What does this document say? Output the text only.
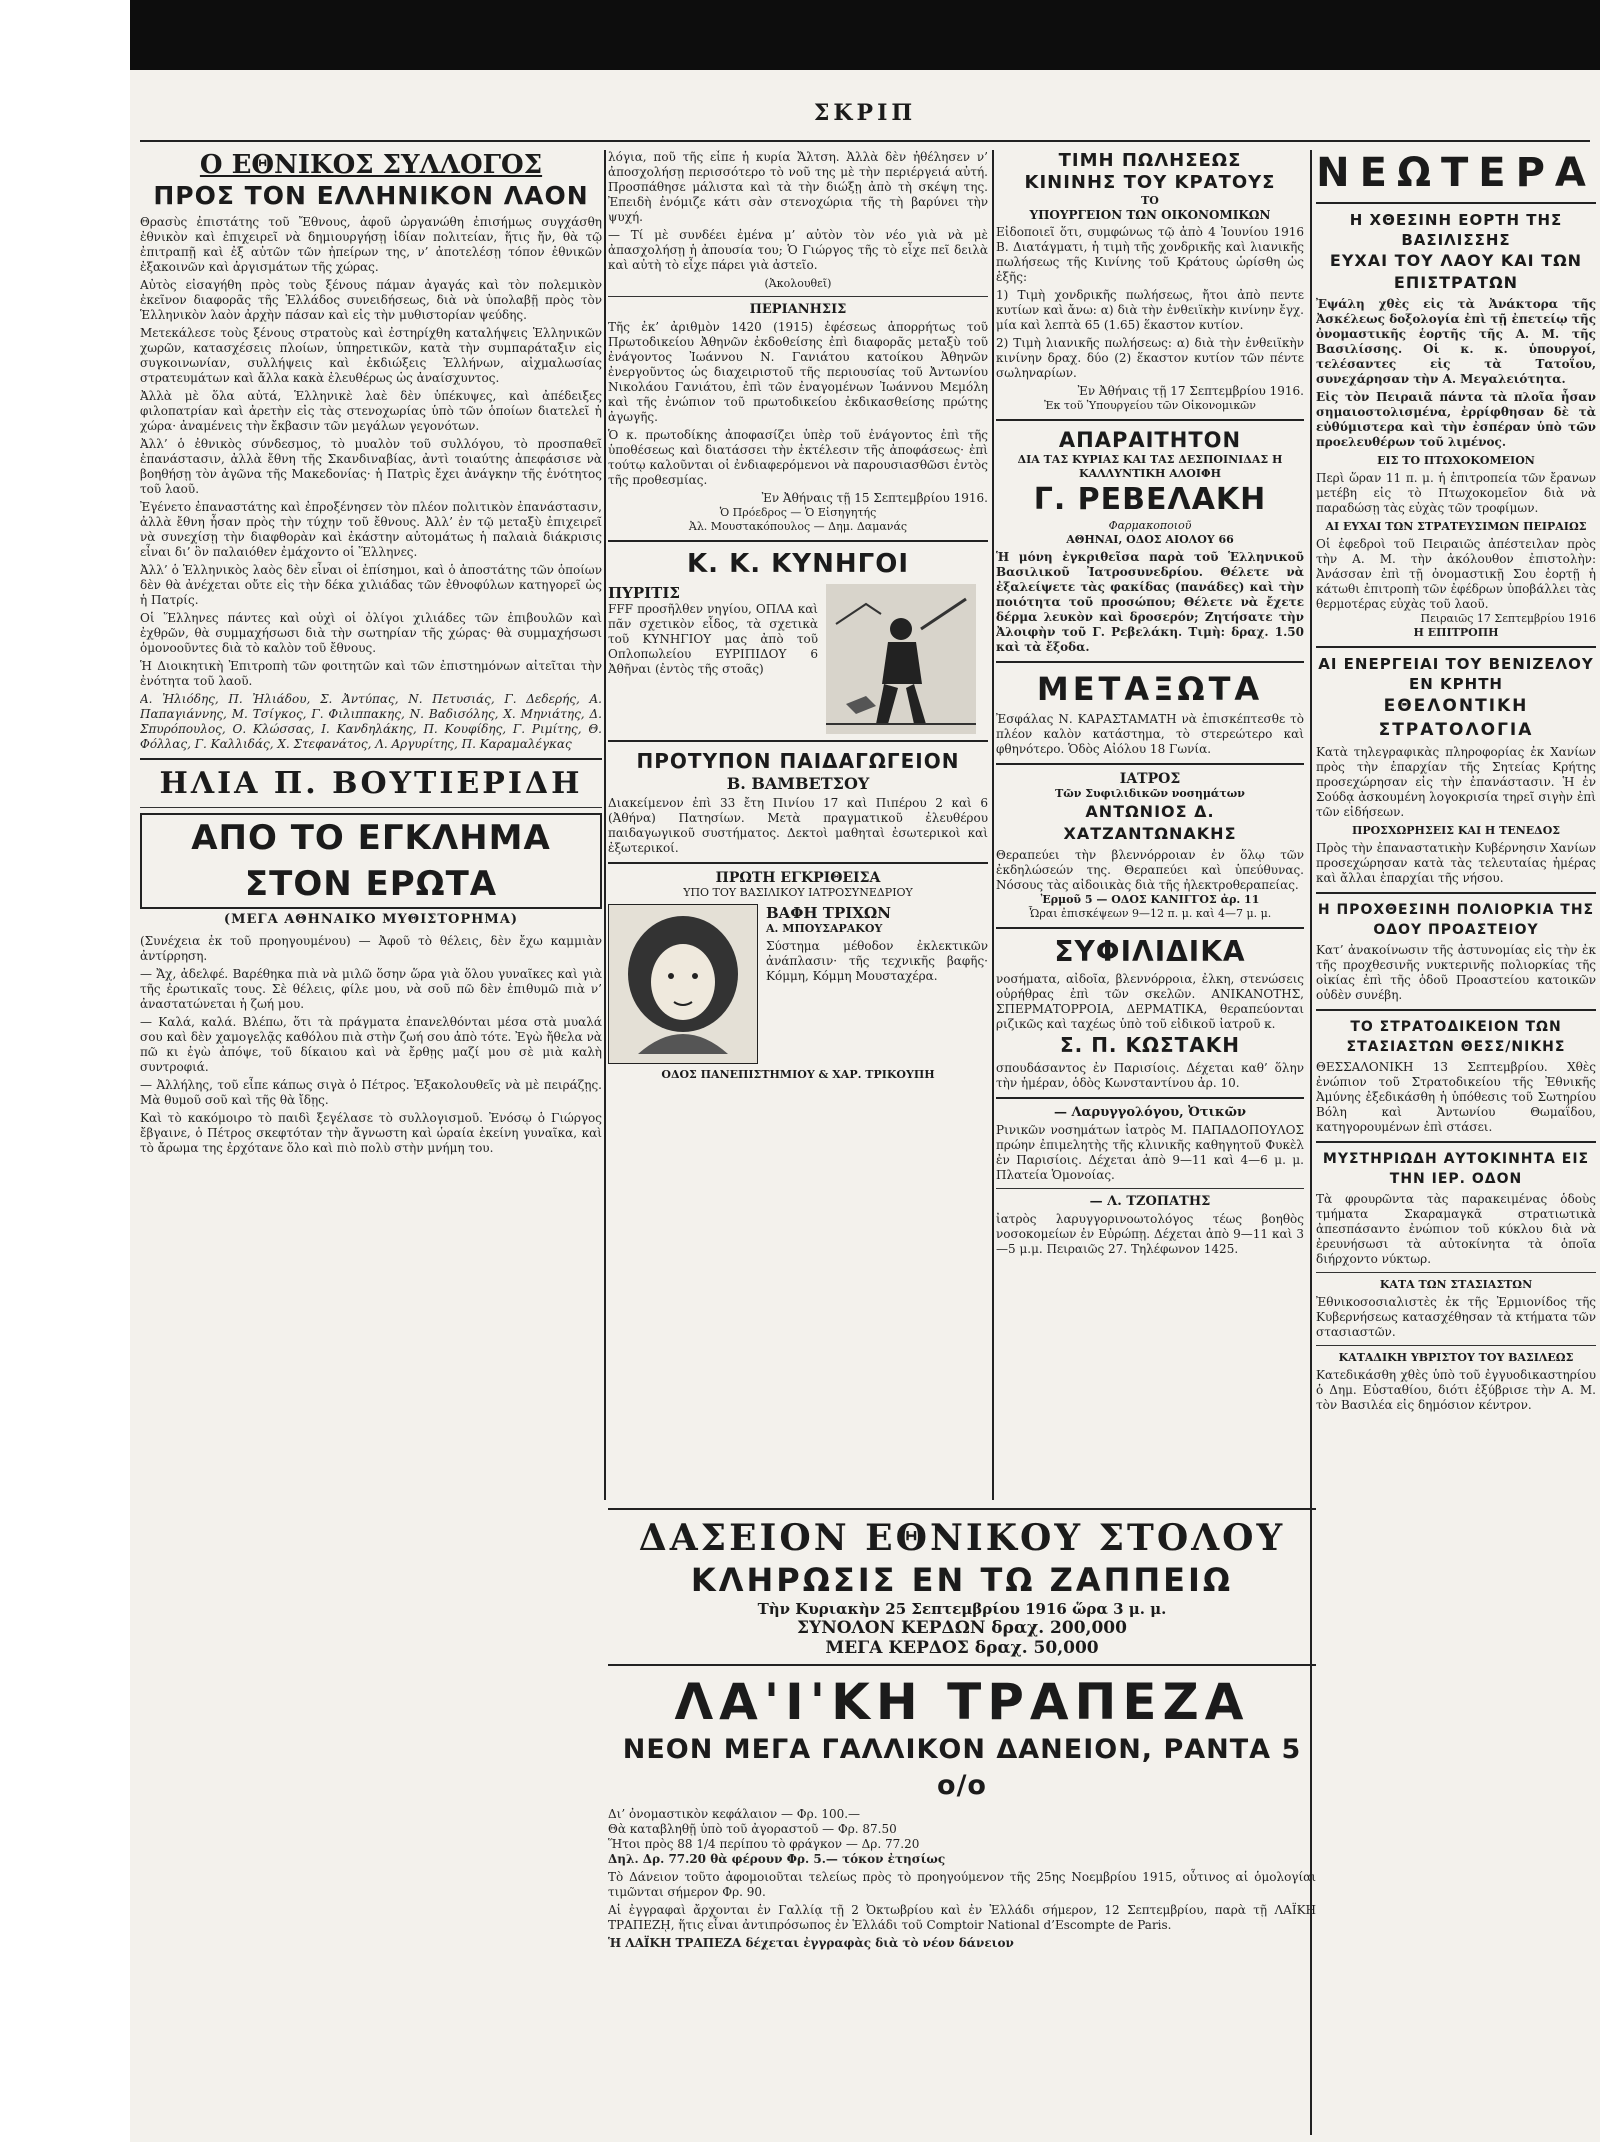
ΣΚΡΙΠ
Ο ΕΘΝΙΚΟΣ ΣΥΛΛΟΓΟΣ
ΠΡΟΣ ΤΟΝ ΕΛΛΗΝΙΚΟΝ ΛΑΟΝ
Θρασὺς ἐπιστάτης τοῦ Ἔθνους, ἀφοῦ ὠργανώθη ἐπισήμως συγχάσθη ἐθνικὸν καὶ ἐπιχειρεῖ νὰ δημιουργήσῃ ἰδίαν πολιτείαν, ἥτις ἤν, θὰ τῷ ἐπιτραπῇ καὶ ἐξ αὐτῶν τῶν ἠπείρων της, ν’ ἀποτελέσῃ τόπον ἐθνικῶν ἐξακοινῶν καὶ ἀργισμάτων τῆς χώρας.
Αὐτὸς εἰσαγήθη πρὸς τοὺς ξένους πάμαν ἀγαγάς καὶ τὸν πολεμικὸν ἐκεῖνον διαφορᾶς τῆς Ἑλλάδος συνειδήσεως, διὰ νὰ ὑπολαβῇ πρὸς τὸν Ἑλληνικὸν λαὸν ἀρχὴν πάσαν καὶ εἰς τὴν μυθιστορίαν ψεύδης.
Μετεκάλεσε τοὺς ξένους στρατοὺς καὶ ἐστηρίχθη καταλήψεις Ἑλληνικῶν χωρῶν, κατασχέσεις πλοίων, ὑπηρετικῶν, κατὰ τὴν συμπαράταξιν εἰς συγκοινωνίαν, συλλήψεις καὶ ἐκδιώξεις Ἑλλήνων, αἰχμαλωσίας στρατευμάτων καὶ ἄλλα κακὰ ἐλευθέρως ὡς ἀναίσχυντος.
Ἀλλὰ μὲ ὅλα αὐτά, Ἑλληνικὲ λαὲ δὲν ὑπέκυψες, καὶ ἀπέδειξες φιλοπατρίαν καὶ ἀρετὴν εἰς τὰς στενοχωρίας ὑπὸ τῶν ὁποίων διατελεῖ ἡ χώρα· ἀναμένεις τὴν ἔκβασιν τῶν μεγάλων γεγονότων.
Ἀλλ’ ὁ ἐθνικὸς σύνδεσμος, τὸ μυαλὸν τοῦ συλλόγου, τὸ προσπαθεῖ ἐπανάστασιν, ἀλλὰ ἔθνη τῆς Σκανδιναβίας, ἀντὶ τοιαύτης ἀπεφάσισε νὰ βοηθήσῃ τὸν ἀγῶνα τῆς Μακεδονίας· ἡ Πατρὶς ἔχει ἀνάγκην τῆς ἑνότητος τοῦ λαοῦ.
Ἐγένετο ἐπαναστάτης καὶ ἐπροξένησεν τὸν πλέον πολιτικὸν ἐπανάστασιν, ἀλλὰ ἔθνη ἦσαν πρὸς τὴν τύχην τοῦ ἔθνους. Ἀλλ’ ἐν τῷ μεταξὺ ἐπιχειρεῖ νὰ συνεχίσῃ τὴν διαφθορὰν καὶ ἐκάστην αὐτομάτως ἡ παλαιὰ διάκρισις εἶναι δι’ ὃν παλαιόθεν ἐμάχοντο οἱ Ἕλληνες.
Ἀλλ’ ὁ Ἑλληνικὸς λαὸς δὲν εἶναι οἱ ἐπίσημοι, καὶ ὁ ἀποστάτης τῶν ὁποίων δὲν θὰ ἀνέχεται οὔτε εἰς τὴν δέκα χιλιάδας τῶν ἐθνοφύλων κατηγορεῖ ὡς ἡ Πατρίς.
Οἱ Ἕλληνες πάντες καὶ οὐχὶ οἱ ὀλίγοι χιλιάδες τῶν ἐπιβουλῶν καὶ ἐχθρῶν, θὰ συμμαχήσωσι διὰ τὴν σωτηρίαν τῆς χώρας· θὰ συμμαχήσωσι ὁμονοοῦντες διὰ τὸ καλὸν τοῦ ἔθνους.
Ἡ Διοικητικὴ Ἐπιτροπὴ τῶν φοιτητῶν καὶ τῶν ἐπιστημόνων αἰτεῖται τὴν ἐνότητα τοῦ λαοῦ.
Α. Ἠλιόδης, Π. Ἠλιάδου, Σ. Ἀντύπας, Ν. Πετυσιάς, Γ. Δεδερής, Α. Παπαγιάννης, Μ. Τσίγκος, Γ. Φιλιππακης, Ν. Βαδισόλης, Χ. Μηνιάτης, Δ. Σπυρόπουλος, Ο. Κλώσσας, Ι. Κανδηλάκης, Π. Κουφίδης, Γ. Ριμίτης, Θ. Φόλλας, Γ. Καλλιδάς, Χ. Στεφανάτος, Λ. Αργυρίτης, Π. Καραμαλέγκας
ΗΛΙΑ Π. ΒΟΥΤΙΕΡΙΔΗ
ΑΠΟ ΤΟ ΕΓΚΛΗΜΑ ΣΤΟΝ ΕΡΩΤΑ
(ΜΕΓΑ ΑΘΗΝΑΙΚΟ ΜΥΘΙΣΤΟΡΗΜΑ)
(Συνέχεια ἐκ τοῦ προηγουμένου) — Ἀφοῦ τὸ θέλεις, δὲν ἔχω καμμιὰν ἀντίρρηση.
— Ἄχ, ἀδελφέ. Βαρέθηκα πιὰ νὰ μιλῶ ὅσην ὥρα γιὰ ὅλου γυναῖκες καὶ γιὰ τῆς ἐρωτικαῖς τους. Σὲ θέλεις, φίλε μου, νὰ σοῦ πῶ δὲν ἐπιθυμῶ πιὰ ν’ ἀναστατώνεται ἡ ζωή μου.
— Καλά, καλά. Βλέπω, ὅτι τὰ πράγματα ἐπανελθόνται μέσα στὰ μυαλά σου καὶ δὲν χαμογελᾷς καθόλου πιὰ στὴν ζωή σου ἀπὸ τότε. Ἐγὼ ἤθελα νὰ πῶ κι ἐγὼ ἀπόψε, τοῦ δίκαιου καὶ νὰ ἔρθῃς μαζί μου σὲ μιὰ καλὴ συντροφιά.
— Ἀλλήλης, τοῦ εἶπε κάπως σιγὰ ὁ Πέτρος. Ἐξακολουθεῖς νὰ μὲ πειράζῃς. Μὰ θυμοῦ σοῦ καὶ τῆς θὰ ἴδῃς.
Καὶ τὸ κακόμοιρο τὸ παιδὶ ξεγέλασε τὸ συλλογισμοῦ. Ἐνόσῳ ὁ Γιώργος ἔβγαινε, ὁ Πέτρος σκεφτόταν τὴν ἄγνωστη καὶ ὡραία ἐκείνη γυναῖκα, καὶ τὸ ἄρωμα της ἐρχότανε ὅλο καὶ πιὸ πολὺ στὴν μνήμη του.
λόγια, ποῦ τῆς εἶπε ἡ κυρία Ἄλτση. Ἀλλὰ δὲν ἠθέλησεν ν’ ἀποσχολήσῃ περισσότερο τὸ νοῦ της μὲ τὴν περιέργειά αὐτή. Προσπάθησε μάλιστα καὶ τὰ τὴν διώξῃ ἀπὸ τὴ σκέψη της. Ἐπειδὴ ἐνόμιζε κάτι σὰν στενοχώρια τῆς τὴ βαρύνει τὴν ψυχή.
— Τί μὲ συνδέει ἐμένα μ’ αὐτὸν τὸν νέο γιὰ νὰ μὲ ἀπασχολήσῃ ἡ ἀπουσία του; Ὁ Γιώργος τῆς τὸ εἶχε πεῖ δειλὰ καὶ αὐτὴ τὸ εἶχε πάρει γιὰ ἀστεῖο.
(Ἀκολουθεῖ)
ΠΕΡΙΑΝΗΣΙΣ
Τῆς ἐκ’ ἀριθμὸν 1420 (1915) ἐφέσεως ἀπορρήτως τοῦ Πρωτοδικείου Ἀθηνῶν ἐκδοθείσης ἐπὶ διαφορᾶς μεταξὺ τοῦ ἐνάγοντος Ἰωάννου Ν. Γανιάτου κατοίκου Ἀθηνῶν ἐνεργοῦντος ὡς διαχειριστοῦ τῆς περιουσίας τοῦ Ἀντωνίου Νικολάου Γανιάτου, ἐπὶ τῶν ἐναγομένων Ἰωάννου Μεμόλη καὶ τῆς ἐνώπιον τοῦ πρωτοδικείου ἐκδικασθείσης πρώτης ἀγωγῆς.
Ὁ κ. πρωτοδίκης ἀποφασίζει ὑπὲρ τοῦ ἐνάγοντος ἐπὶ τῆς ὑποθέσεως καὶ διατάσσει τὴν ἐκτέλεσιν τῆς ἀποφάσεως· ἐπὶ τούτῳ καλοῦνται οἱ ἐνδιαφερόμενοι νὰ παρουσιασθῶσι ἐντὸς τῆς προθεσμίας.
Ἐν Ἀθήναις τῇ 15 Σεπτεμβρίου 1916.
Ὁ Πρόεδρος — Ὁ Εἰσηγητής
Ἀλ. Μουστακόπουλος — Δημ. Δαμανάς
Κ. Κ. ΚΥΝΗΓΟΙ
ΠΥΡΙΤΙΣ
FFF προσῆλθεν νηγίου, ΟΠΛΑ καὶ πᾶν σχετικὸν εἶδος, τὰ σχετικὰ τοῦ ΚΥΝΗΓΙΟΥ μας ἀπὸ τοῦ Οπλοπωλείου ΕΥΡΙΠΙΔΟΥ 6 Ἀθῆναι (ἐντὸς τῆς στοᾶς)
ΠΡΟΤΥΠΟΝ ΠΑΙΔΑΓΩΓΕΙΟΝ
Β. ΒΑΜΒΕΤΣΟΥ
Διακείμενον ἐπὶ 33 ἔτη Πινίου 17 καὶ Πιπέρου 2 καὶ 6 (Ἀθήνα) Πατησίων. Μετὰ πραγματικοῦ ἐλευθέρου παιδαγωγικοῦ συστήματος. Δεκτοὶ μαθηταὶ ἐσωτερικοὶ καὶ ἐξωτερικοί.
ΠΡΩΤΗ ΕΓΚΡΙΘΕΙΣΑ
ΥΠΟ ΤΟΥ ΒΑΣΙΛΙΚΟΥ ΙΑΤΡΟΣΥΝΕΔΡΙΟΥ
ΒΑΦΗ ΤΡΙΧΩΝ
Α. ΜΠΟΥΣΑΡΑΚΟΥ
Σύστημα μέθοδον ἐκλεκτικῶν ἀνάπλασιν· τῆς τεχνικῆς βαφῆς· Κόμμη, Κόμμη Μουσταχέρα.
ΟΔΟΣ ΠΑΝΕΠΙΣΤΗΜΙΟΥ & ΧΑΡ. ΤΡΙΚΟΥΠΗ
ΤΙΜΗ ΠΩΛΗΣΕΩΣ
ΚΙΝΙΝΗΣ ΤΟΥ ΚΡΑΤΟΥΣ
ΤΟ
ΥΠΟΥΡΓΕΙΟΝ ΤΩΝ ΟΙΚΟΝΟΜΙΚΩΝ
Εἰδοποιεῖ ὅτι, συμφώνως τῷ ἀπὸ 4 Ἰουνίου 1916 Β. Διατάγματι, ἡ τιμὴ τῆς χονδρικῆς καὶ λιανικῆς πωλήσεως τῆς Κινίνης τοῦ Κράτους ὡρίσθη ὡς ἑξῆς:
1) Τιμὴ χονδρικῆς πωλήσεως, ἤτοι ἀπὸ πεντε κυτίων καὶ ἄνω: α) διὰ τὴν ἐνθειϊκὴν κινίνην ἔγχ. μία καὶ λεπτὰ 65 (1.65) ἕκαστον κυτίον.
2) Τιμὴ λιανικῆς πωλήσεως: α) διὰ τὴν ἐνθειϊκὴν κινίνην δραχ. δύο (2) ἕκαστον κυτίον τῶν πέντε σωληναρίων.
Ἐν Ἀθήναις τῇ 17 Σεπτεμβρίου 1916.
Ἐκ τοῦ Ὑπουργείου τῶν Οἰκονομικῶν
ΑΠΑΡΑΙΤΗΤΟΝ
ΔΙΑ ΤΑΣ ΚΥΡΙΑΣ ΚΑΙ ΤΑΣ ΔΕΣΠΟΙΝΙΔΑΣ Η ΚΑΛΛΥΝΤΙΚΗ ΑΛΟΙΦΗ
Γ. ΡΕΒΕΛΑΚΗ
Φαρμακοποιοῦ
ΑΘΗΝΑΙ, ΟΔΟΣ ΑΙΟΛΟΥ 66
Ἡ μόνη ἐγκριθεῖσα παρὰ τοῦ Ἑλληνικοῦ Βασιλικοῦ Ἰατροσυνεδρίου. Θέλετε νὰ ἐξαλείψετε τὰς φακίδας (πανάδες) καὶ τὴν ποιότητα τοῦ προσώπου; Θέλετε νὰ ἔχετε δέρμα λευκὸν καὶ δροσερόν; Ζητήσατε τὴν Ἀλοιφὴν τοῦ Γ. Ρεβελάκη. Τιμὴ: δραχ. 1.50 καὶ τὰ ἔξοδα.
ΜΕΤΑΞΩΤΑ
Ἐσφάλας Ν. ΚΑΡΑΣΤΑΜΑΤΗ νὰ ἐπισκέπτεσθε τὸ πλέον καλὸν κατάστημα, τὸ στερεώτερο καὶ φθηνότερο. Ὁδὸς Αἰόλου 18 Γωνία.
ΙΑΤΡΟΣ
Τῶν Συφιλιδικῶν νοσημάτων
ΑΝΤΩΝΙΟΣ Δ. ΧΑΤΖΑΝΤΩΝΑΚΗΣ
Θεραπεύει τὴν βλεννόρροιαν ἐν ὅλῳ τῶν ἐκδηλώσεών της. Θεραπεύει καὶ ὑπεύθυνας. Νόσους τὰς αἰδοιικὰς διὰ τῆς ἠλεκτροθεραπείας.
Ἐρμοῦ 5 — ΟΔΟΣ ΚΑΝΙΓΓΟΣ ἀρ. 11
Ὧραι ἐπισκέψεων 9—12 π. μ. καὶ 4—7 μ. μ.
ΣΥΦΙΛΙΔΙΚΑ
νοσήματα, αἰδοῖα, βλεννόρροια, ἐλκη, στενώσεις οὐρήθρας ἐπὶ τῶν σκελῶν. ΑΝΙΚΑΝΟΤΗΣ, ΣΠΕΡΜΑΤΟΡΡΟΙΑ, ΔΕΡΜΑΤΙΚΑ, θεραπεύονται ριζικῶς καὶ ταχέως ὑπὸ τοῦ εἰδικοῦ ἰατροῦ κ.
Σ. Π. ΚΩΣΤΑΚΗ
σπουδάσαντος ἐν Παρισίοις. Δέχεται καθ’ ὅλην τὴν ἡμέραν, ὁδὸς Κωνσταντίνου ἀρ. 10.
— Λαρυγγολόγου, Ὀτικῶν
Ρινικῶν νοσημάτων ἰατρὸς Μ. ΠΑΠΑΔΟΠΟΥΛΟΣ πρώην ἐπιμελητὴς τῆς κλινικῆς καθηγητοῦ Φυκὲλ ἐν Παρισίοις. Δέχεται ἀπὸ 9—11 καὶ 4—6 μ. μ. Πλατεία Ὁμονοίας.
— Λ. ΤΖΟΠΑΤΗΣ
ἰατρὸς λαρυγγορινοωτολόγος τέως βοηθὸς νοσοκομείων ἐν Εὐρώπῃ. Δέχεται ἀπὸ 9—11 καὶ 3—5 μ.μ. Πειραιῶς 27. Τηλέφωνον 1425.
ΝΕΩΤΕΡΑ
Η ΧΘΕΣΙΝΗ ΕΟΡΤΗ ΤΗΣ ΒΑΣΙΛΙΣΣΗΣ
ΕΥΧΑΙ ΤΟΥ ΛΑΟΥ ΚΑΙ ΤΩΝ ΕΠΙΣΤΡΑΤΩΝ
Ἐψάλη χθὲς εἰς τὰ Ἀνάκτορα τῆς Ἀσκέλεως δοξολογία ἐπὶ τῇ ἐπετείῳ τῆς ὀνομαστικῆς ἑορτῆς τῆς Α. Μ. τῆς Βασιλίσσης. Οἱ κ. κ. ὑπουργοί, τελέσαντες εἰς τὰ Τατοΐου, συνεχάρησαν τὴν Α. Μεγαλειότητα.
Εἰς τὸν Πειραιᾶ πάντα τὰ πλοῖα ἦσαν σημαιοστολισμένα, ἐρρίφθησαν δὲ τὰ εὐθύμιστερα καὶ τὴν ἐσπέραν ὑπὸ τῶν προελευθέρων τοῦ λιμένος.
ΕΙΣ ΤΟ ΠΤΩΧΟΚΟΜΕΙΟΝ
Περὶ ὥραν 11 π. μ. ἡ ἐπιτροπεία τῶν ἔρανων μετέβη εἰς τὸ Πτωχοκομεῖον διὰ νὰ παραδώσῃ τὰς εὐχὰς τῶν τροφίμων.
ΑΙ ΕΥΧΑΙ ΤΩΝ ΣΤΡΑΤΕΥΣΙΜΩΝ ΠΕΙΡΑΙΩΣ
Οἱ ἐφεδροὶ τοῦ Πειραιῶς ἀπέστειλαν πρὸς τὴν Α. Μ. τὴν ἀκόλουθον ἐπιστολὴν: Ἀνάσσαν ἐπὶ τῇ ὀνομαστικῇ Σου ἑορτῇ ἡ κάτωθι ἐπιτροπὴ τῶν ἐφέδρων ὑποβάλλει τὰς θερμοτέρας εὐχὰς τοῦ λαοῦ.
Πειραιῶς 17 Σεπτεμβρίου 1916
Η ΕΠΙΤΡΟΠΗ
ΑΙ ΕΝΕΡΓΕΙΑΙ ΤΟΥ ΒΕΝΙΖΕΛΟΥ ΕΝ ΚΡΗΤΗ
ΕΘΕΛΟΝΤΙΚΗ ΣΤΡΑΤΟΛΟΓΙΑ
Κατὰ τηλεγραφικὰς πληροφορίας ἐκ Χανίων πρὸς τὴν ἐπαρχίαν τῆς Σητείας Κρήτης προσεχώρησαν εἰς τὴν ἐπανάστασιν. Ἡ ἐν Σούδᾳ ἀσκουμένη λογοκρισία τηρεῖ σιγὴν ἐπὶ τῶν εἰδήσεων.
ΠΡΟΣΧΩΡΗΣΕΙΣ ΚΑΙ Η ΤΕΝΕΔΟΣ
Πρὸς τὴν ἐπαναστατικὴν Κυβέρνησιν Χανίων προσεχώρησαν κατὰ τὰς τελευταίας ἡμέρας καὶ ἄλλαι ἐπαρχίαι τῆς νήσου.
Η ΠΡΟΧΘΕΣΙΝΗ ΠΟΛΙΟΡΚΙΑ ΤΗΣ ΟΔΟΥ ΠΡΟΑΣΤΕΙΟΥ
Κατ’ ἀνακοίνωσιν τῆς ἀστυνομίας εἰς τὴν ἐκ τῆς προχθεσινῆς νυκτερινῆς πολιορκίας τῆς οἰκίας ἐπὶ τῆς ὁδοῦ Προαστείου κατοικῶν οὐδὲν συνέβη.
ΤΟ ΣΤΡΑΤΟΔΙΚΕΙΟΝ ΤΩΝ ΣΤΑΣΙΑΣΤΩΝ ΘΕΣΣ/ΝΙΚΗΣ
ΘΕΣΣΑΛΟΝΙΚΗ 13 Σεπτεμβρίου. Χθὲς ἐνώπιον τοῦ Στρατοδικείου τῆς Ἐθνικῆς Ἀμύνης ἐξεδικάσθη ἡ ὑπόθεσις τοῦ Σωτηρίου Βόλη καὶ Ἀντωνίου Θωμαΐδου, κατηγορουμένων ἐπὶ στάσει.
ΜΥΣΤΗΡΙΩΔΗ ΑΥΤΟΚΙΝΗΤΑ ΕΙΣ ΤΗΝ ΙΕΡ. ΟΔΟΝ
Τὰ φρουρῶντα τὰς παρακειμένας ὁδοὺς τμήματα Σκαραμαγκᾶ στρατιωτικὰ ἀπεσπάσαντο ἐνώπιον τοῦ κύκλου διὰ νὰ ἐρευνήσωσι τὰ αὐτοκίνητα τὰ ὁποῖα διήρχοντο νύκτωρ.
ΚΑΤΑ ΤΩΝ ΣΤΑΣΙΑΣΤΩΝ
Ἐθνικοσοσιαλιστὲς ἐκ τῆς Ἐρμιονίδος τῆς Κυβερνήσεως κατασχέθησαν τὰ κτήματα τῶν στασιαστῶν.
ΚΑΤΑΔΙΚΗ ΥΒΡΙΣΤΟΥ ΤΟΥ ΒΑΣΙΛΕΩΣ
Κατεδικάσθη χθὲς ὑπὸ τοῦ ἐγγυοδικαστηρίου ὁ Δημ. Εὐσταθίου, διότι ἐξύβρισε τὴν Α. Μ. τὸν Βασιλέα εἰς δημόσιον κέντρον.
ΔΑΣΕΙΟΝ ΕΘΝΙΚΟΥ ΣΤΟΛΟΥ
ΚΛΗΡΩΣΙΣ ΕΝ ΤΩ ΖΑΠΠΕΙΩ
Τὴν Κυριακὴν 25 Σεπτεμβρίου 1916 ὥρα 3 μ. μ.
ΣΥΝΟΛΟΝ ΚΕΡΔΩΝ δραχ. 200,000
ΜΕΓΑ ΚΕΡΔΟΣ δραχ. 50,000
ΛΑ'Ι'ΚΗ ΤΡΑΠΕΖΑ
ΝΕΟΝ ΜΕΓΑ ΓΑΛΛΙΚΟΝ ΔΑΝΕΙΟΝ, ΡΑΝΤΑ 5 ο/ο
Δι’ ὀνομαστικὸν κεφάλαιον — Φρ. 100.—
Θὰ καταβληθῇ ὑπὸ τοῦ ἀγοραστοῦ — Φρ. 87.50
Ἥτοι πρὸς 88 1/4 περίπου τὸ φράγκον — Δρ. 77.20
Δηλ. Δρ. 77.20 θὰ φέρουν Φρ. 5.— τόκον ἐτησίως
Τὸ Δάνειον τοῦτο ἀφομοιοῦται τελείως πρὸς τὸ προηγούμενον τῆς 25ης Νοεμβρίου 1915, οὗτινος αἱ ὁμολογίαι τιμῶνται σήμερον Φρ. 90.
Αἱ ἐγγραφαὶ ἄρχονται ἐν Γαλλίᾳ τῇ 2 Ὀκτωβρίου καὶ ἐν Ἑλλάδι σήμερον, 12 Σεπτεμβρίου, παρὰ τῇ ΛΑΪΚΗ ΤΡΑΠΕΖῌ, ἥτις εἶναι ἀντιπρόσωπος ἐν Ἑλλάδι τοῦ Comptoir National d’Escompte de Paris.
Ἡ ΛΑΪΚΗ ΤΡΑΠΕΖΑ δέχεται ἐγγραφὰς διὰ τὸ νέον δάνειον
